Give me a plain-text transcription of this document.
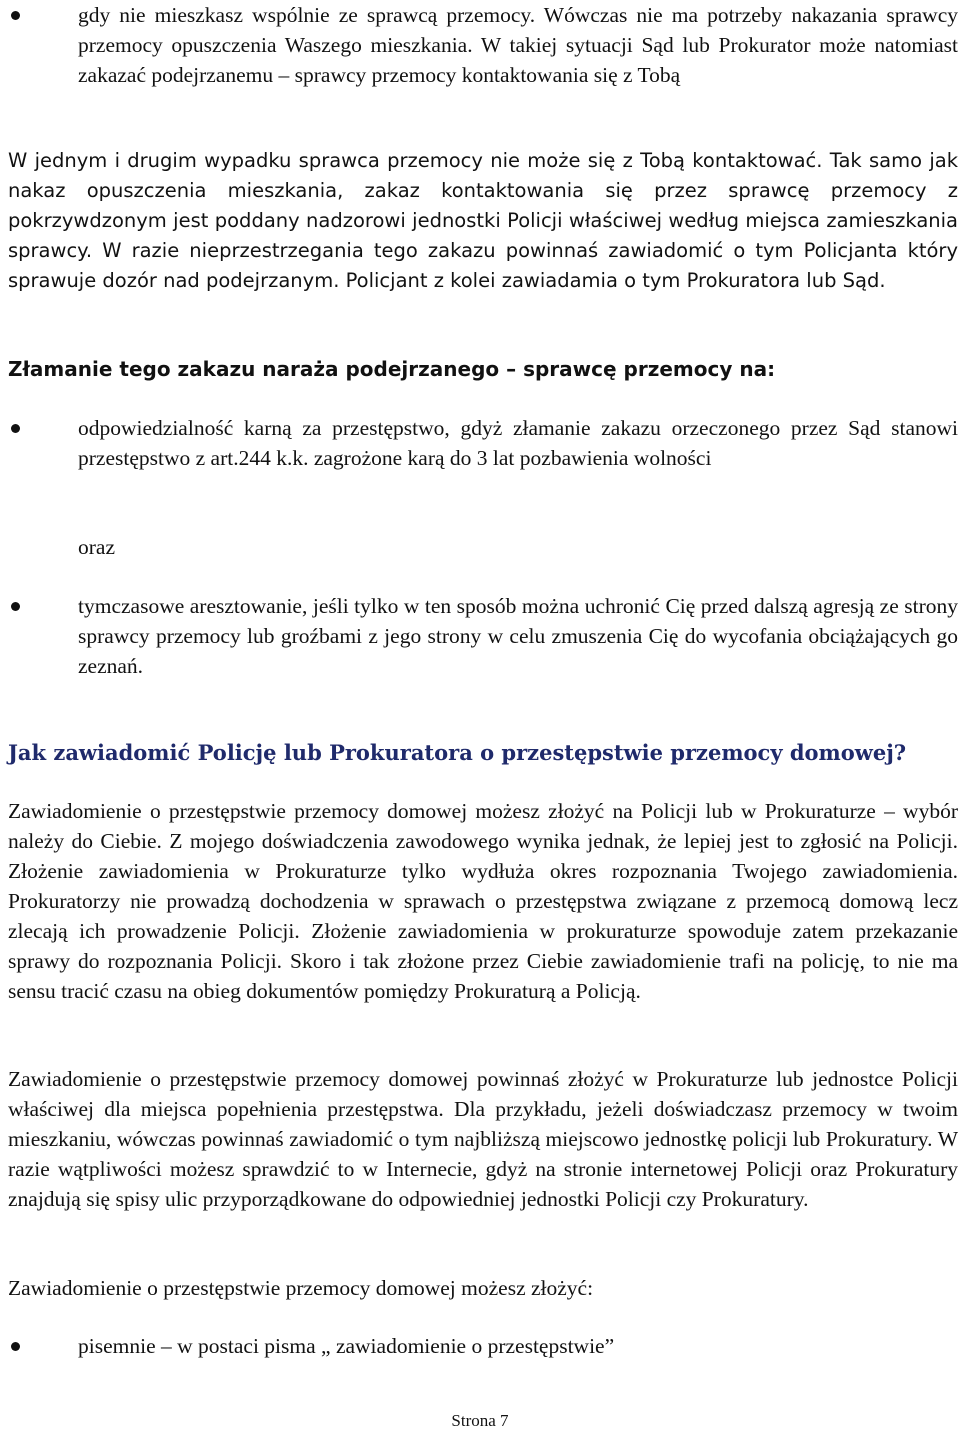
gdy nie mieszkasz wspólnie ze sprawcą przemocy. Wówczas nie ma potrzeby nakazania sprawcy przemocy opuszczenia Waszego mieszkania. W takiej sytuacji Sąd lub Prokurator może natomiast zakazać podejrzanemu – sprawcy przemocy kontaktowania się z Tobą
W jednym i drugim wypadku sprawca przemocy nie może się z Tobą kontaktować. Tak samo jak nakaz opuszczenia mieszkania, zakaz kontaktowania się przez sprawcę przemocy z pokrzywdzonym jest poddany nadzorowi jednostki Policji właściwej według miejsca zamieszkania sprawcy. W razie nieprzestrzegania tego zakazu powinnaś zawiadomić o tym Policjanta który sprawuje dozór nad podejrzanym. Policjant z kolei zawiadamia o tym Prokuratora lub Sąd.
Złamanie tego zakazu naraża podejrzanego – sprawcę przemocy na:
odpowiedzialność karną za przestępstwo, gdyż złamanie zakazu orzeczonego przez Sąd stanowi przestępstwo z art.244 k.k. zagrożone karą do 3 lat pozbawienia wolności
oraz
tymczasowe aresztowanie, jeśli tylko w ten sposób można uchronić Cię przed dalszą agresją ze strony sprawcy przemocy lub groźbami z jego strony w celu zmuszenia Cię do wycofania obciążających go zeznań.
Jak zawiadomić Policję lub Prokuratora o przestępstwie przemocy domowej?
Zawiadomienie o przestępstwie przemocy domowej możesz złożyć na Policji lub w Prokuraturze – wybór należy do Ciebie. Z mojego doświadczenia zawodowego wynika jednak, że lepiej jest to zgłosić na Policji. Złożenie zawiadomienia w Prokuraturze tylko wydłuża okres rozpoznania Twojego zawiadomienia. Prokuratorzy nie prowadzą dochodzenia w sprawach o przestępstwa związane z przemocą domową lecz zlecają ich prowadzenie Policji. Złożenie zawiadomienia w prokuraturze spowoduje zatem przekazanie sprawy do rozpoznania Policji. Skoro i tak złożone przez Ciebie zawiadomienie trafi na policję, to nie ma sensu tracić czasu na obieg dokumentów pomiędzy Prokuraturą a Policją.
Zawiadomienie o przestępstwie przemocy domowej powinnaś złożyć w Prokuraturze lub jednostce Policji właściwej dla miejsca popełnienia przestępstwa. Dla przykładu, jeżeli doświadczasz przemocy w twoim mieszkaniu, wówczas powinnaś zawiadomić o tym najbliższą miejscowo jednostkę policji lub Prokuratury. W razie wątpliwości możesz sprawdzić to w Internecie, gdyż na stronie internetowej Policji oraz Prokuratury znajdują się spisy ulic przyporządkowane do odpowiedniej jednostki Policji czy Prokuratury.
Zawiadomienie o przestępstwie przemocy domowej możesz złożyć:
pisemnie – w postaci pisma „ zawiadomienie o przestępstwie”
Strona 7
